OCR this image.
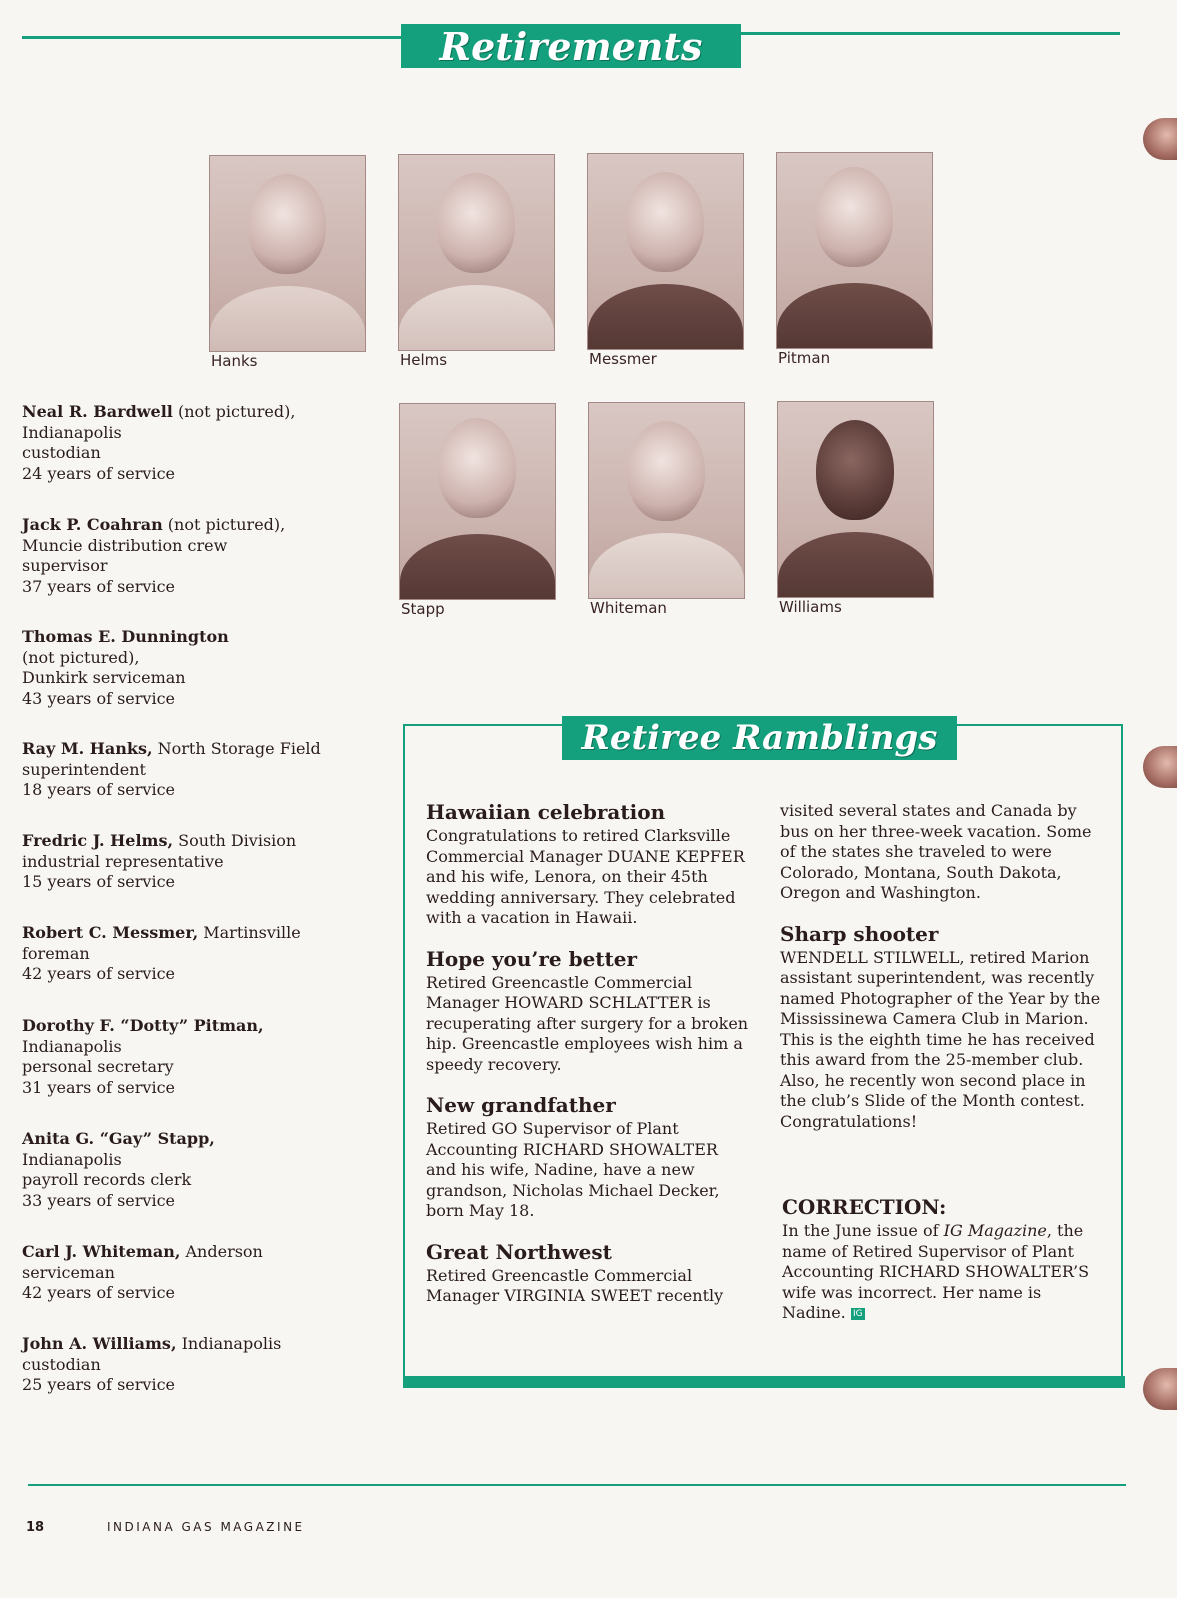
Retirements
Hanks	Helms	Messmer	Pitman
Stapp	Whiteman	Williams
Neal R. Bardwell (not pictured),
Indianapolis
custodian
24 years of service
Jack P. Coahran (not pictured),
Muncie distribution crew
supervisor
37 years of service
Thomas E. Dunnington
(not pictured),
Dunkirk serviceman
43 years of service
Ray M. Hanks, North Storage Field
superintendent
18 years of service
Fredric J. Helms, South Division
industrial representative
15 years of service
Robert C. Messmer, Martinsville
foreman
42 years of service
Dorothy F. “Dotty” Pitman,
Indianapolis
personal secretary
31 years of service
Anita G. “Gay” Stapp,
Indianapolis
payroll records clerk
33 years of service
Carl J. Whiteman, Anderson
serviceman
42 years of service
John A. Williams, Indianapolis
custodian
25 years of service
Retiree Ramblings
Hawaiian celebration

Congratulations to retired Clarksville Commercial Manager DUANE KEPFER and his wife, Lenora, on their 45th wedding anniversary. They celebrated with a vacation in Hawaii.

Hope you’re better

Retired Greencastle Commercial Manager HOWARD SCHLATTER is recuperating after surgery for a broken hip. Greencastle employees wish him a speedy recovery.

New grandfather

Retired GO Supervisor of Plant Accounting RICHARD SHOWALTER and his wife, Nadine, have a new grandson, Nicholas Michael Decker, born May 18.

Great Northwest

Retired Greencastle Commercial Manager VIRGINIA SWEET recently

visited several states and Canada by bus on her three-week vacation. Some of the states she traveled to were Colorado, Montana, South Dakota, Oregon and Washington.

Sharp shooter

WENDELL STILWELL, retired Marion assistant superintendent, was recently named Photographer of the Year by the Mississinewa Camera Club in Marion. This is the eighth time he has received this award from the 25-member club. Also, he recently won second place in the club’s Slide of the Month contest. Congratulations!

CORRECTION:

In the June issue of IG Magazine, the name of Retired Supervisor of Plant Accounting RICHARD SHOWALTER’S wife was incorrect. Her name is Nadine. IG

18	INDIANA GAS MAGAZINE
